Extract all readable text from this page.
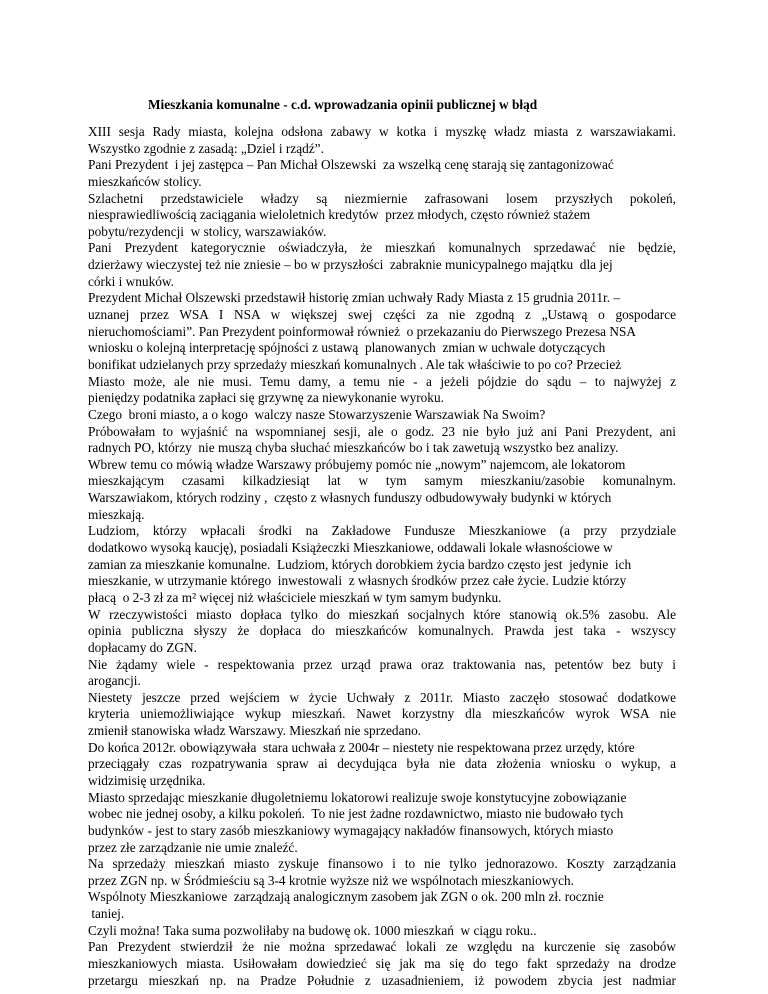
Mieszkania komunalne - c.d. wprowadzania opinii publicznej w błąd
XIII sesja Rady miasta, kolejna odsłona zabawy w kotka i myszkę władz miasta z warszawiakami.
Wszystko zgodnie z zasadą: „Dziel i rządź”.
Pani Prezydent  i jej zastępca – Pan Michał Olszewski  za wszelką cenę starają się zantagonizować
mieszkańców stolicy.
Szlachetni przedstawiciele władzy są niezmiernie zafrasowani losem przyszłych pokoleń,
niesprawiedliwością zaciągania wieloletnich kredytów  przez młodych, często również stażem
pobytu/rezydencji  w stolicy, warszawiaków.
Pani Prezydent kategorycznie oświadczyła, że mieszkań komunalnych sprzedawać nie będzie,
dzierżawy wieczystej też nie zniesie – bo w przyszłości  zabraknie municypalnego majątku  dla jej
córki i wnuków.
Prezydent Michał Olszewski przedstawił historię zmian uchwały Rady Miasta z 15 grudnia 2011r. –
uznanej przez WSA I NSA w większej swej części za nie zgodną z „Ustawą o gospodarce
nieruchomościami”. Pan Prezydent poinformował również  o przekazaniu do Pierwszego Prezesa NSA
wniosku o kolejną interpretację spójności z ustawą  planowanych  zmian w uchwale dotyczących
bonifikat udzielanych przy sprzedaży mieszkań komunalnych . Ale tak właściwie to po co? Przecież
Miasto może, ale nie musi. Temu damy, a temu nie - a jeżeli pójdzie do sądu – to najwyżej z
pieniędzy podatnika zapłaci się grzywnę za niewykonanie wyroku.
Czego  broni miasto, a o kogo  walczy nasze Stowarzyszenie Warszawiak Na Swoim?
Próbowałam to wyjaśnić na wspomnianej sesji, ale o godz. 23 nie było już ani Pani Prezydent, ani
radnych PO, którzy  nie muszą chyba słuchać mieszkańców bo i tak zawetują wszystko bez analizy.
Wbrew temu co mówią władze Warszawy próbujemy pomóc nie „nowym” najemcom, ale lokatorom
mieszkającym czasami kilkadziesiąt lat w tym samym mieszkaniu/zasobie komunalnym.
Warszawiakom, których rodziny ,  często z własnych funduszy odbudowywały budynki w których
mieszkają.
Ludziom, którzy wpłacali środki na Zakładowe Fundusze Mieszkaniowe (a przy przydziale
dodatkowo wysoką kaucję), posiadali Książeczki Mieszkaniowe, oddawali lokale własnościowe w
zamian za mieszkanie komunalne.  Ludziom, których dorobkiem życia bardzo często jest  jedynie  ich
mieszkanie, w utrzymanie którego  inwestowali  z własnych środków przez całe życie. Ludzie którzy
płacą  o 2-3 zł za m² więcej niż właściciele mieszkań w tym samym budynku.
W rzeczywistości miasto dopłaca tylko do mieszkań socjalnych które stanowią ok.5% zasobu. Ale
opinia publiczna słyszy że dopłaca do mieszkańców komunalnych. Prawda jest taka - wszyscy
dopłacamy do ZGN.
Nie żądamy wiele - respektowania przez urząd prawa oraz traktowania nas, petentów bez buty i
arogancji.
Niestety jeszcze przed wejściem w życie Uchwały z 2011r. Miasto zaczęło stosować dodatkowe
kryteria uniemożliwiające wykup mieszkań. Nawet korzystny dla mieszkańców wyrok WSA nie
zmienił stanowiska władz Warszawy. Mieszkań nie sprzedano.
Do końca 2012r. obowiązywała  stara uchwała z 2004r – niestety nie respektowana przez urzędy, które
przeciągały czas rozpatrywania spraw ai decydująca była nie data złożenia wniosku o wykup, a
widzimisię urzędnika.
Miasto sprzedając mieszkanie długoletniemu lokatorowi realizuje swoje konstytucyjne zobowiązanie
wobec nie jednej osoby, a kilku pokoleń.  To nie jest żadne rozdawnictwo, miasto nie budowało tych
budynków - jest to stary zasób mieszkaniowy wymagający nakładów finansowych, których miasto
przez złe zarządzanie nie umie znaleźć.
Na sprzedaży mieszkań miasto zyskuje finansowo i to nie tylko jednorazowo. Koszty zarządzania
przez ZGN np. w Śródmieściu są 3-4 krotnie wyższe niż we wspólnotach mieszkaniowych.
Wspólnoty Mieszkaniowe  zarządzają analogicznym zasobem jak ZGN o ok. 200 mln zł. rocznie
taniej.
Czyli można! Taka suma pozwoliłaby na budowę ok. 1000 mieszkań  w ciągu roku..
Pan Prezydent stwierdził że nie można sprzedawać lokali ze względu na kurczenie się zasobów
mieszkaniowych miasta. Usiłowałam dowiedzieć się jak ma się do tego fakt sprzedaży na drodze
przetargu mieszkań np. na Pradze Południe z uzasadnieniem, iż powodem zbycia jest nadmiar
